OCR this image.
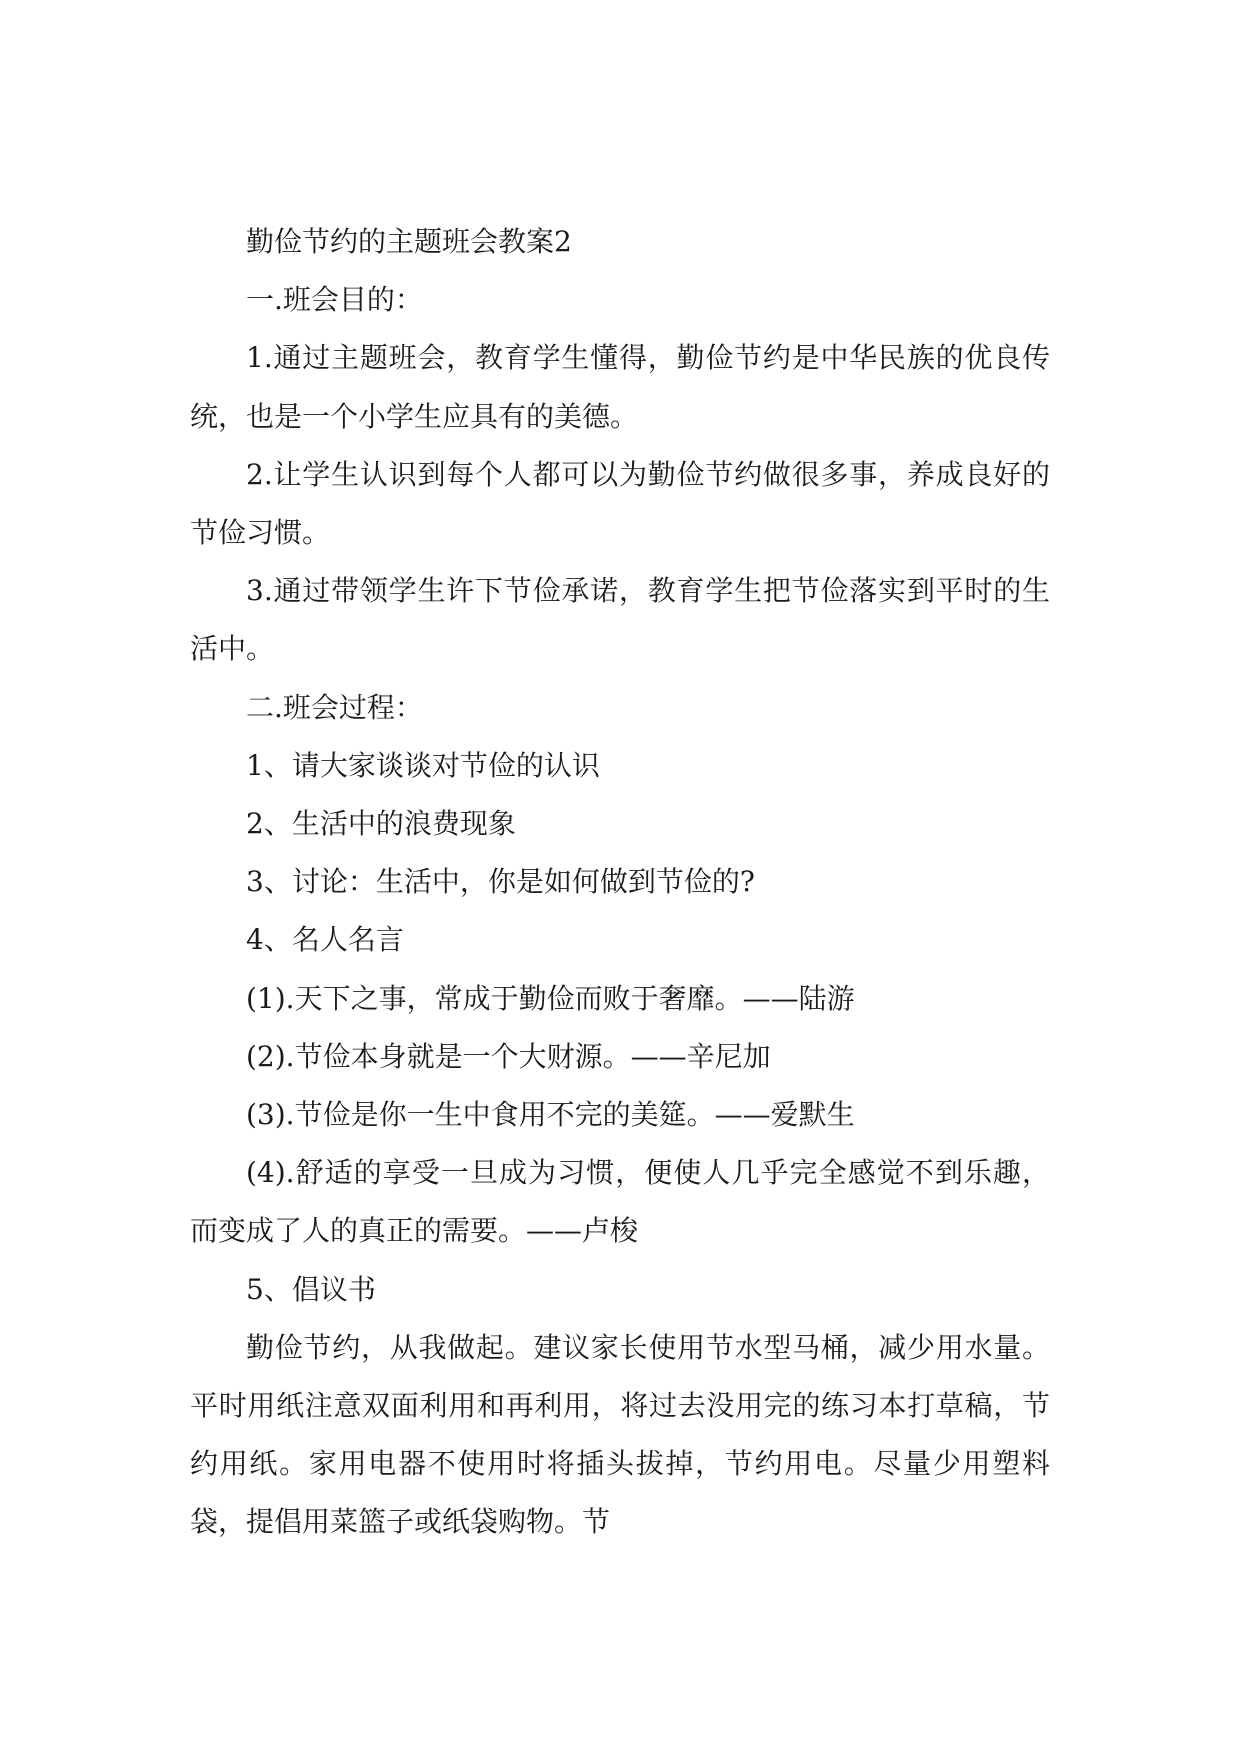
勤俭节约的主题班会教案2

一.班会目的：

1.通过主题班会，教育学生懂得，勤俭节约是中华民族的优良传统，也是一个小学生应具有的美德。

2.让学生认识到每个人都可以为勤俭节约做很多事，养成良好的节俭习惯。

3.通过带领学生许下节俭承诺，教育学生把节俭落实到平时的生活中。

二.班会过程：

1、请大家谈谈对节俭的认识

2、生活中的浪费现象

3、讨论：生活中，你是如何做到节俭的?

4、名人名言

(1).天下之事，常成于勤俭而败于奢靡。——陆游

(2).节俭本身就是一个大财源。——辛尼加

(3).节俭是你一生中食用不完的美筵。——爱默生

(4).舒适的享受一旦成为习惯，便使人几乎完全感觉不到乐趣，而变成了人的真正的需要。——卢梭

5、倡议书

勤俭节约，从我做起。建议家长使用节水型马桶，减少用水量。平时用纸注意双面利用和再利用，将过去没用完的练习本打草稿，节约用纸。家用电器不使用时将插头拔掉，节约用电。尽量少用塑料袋，提倡用菜篮子或纸袋购物。节
